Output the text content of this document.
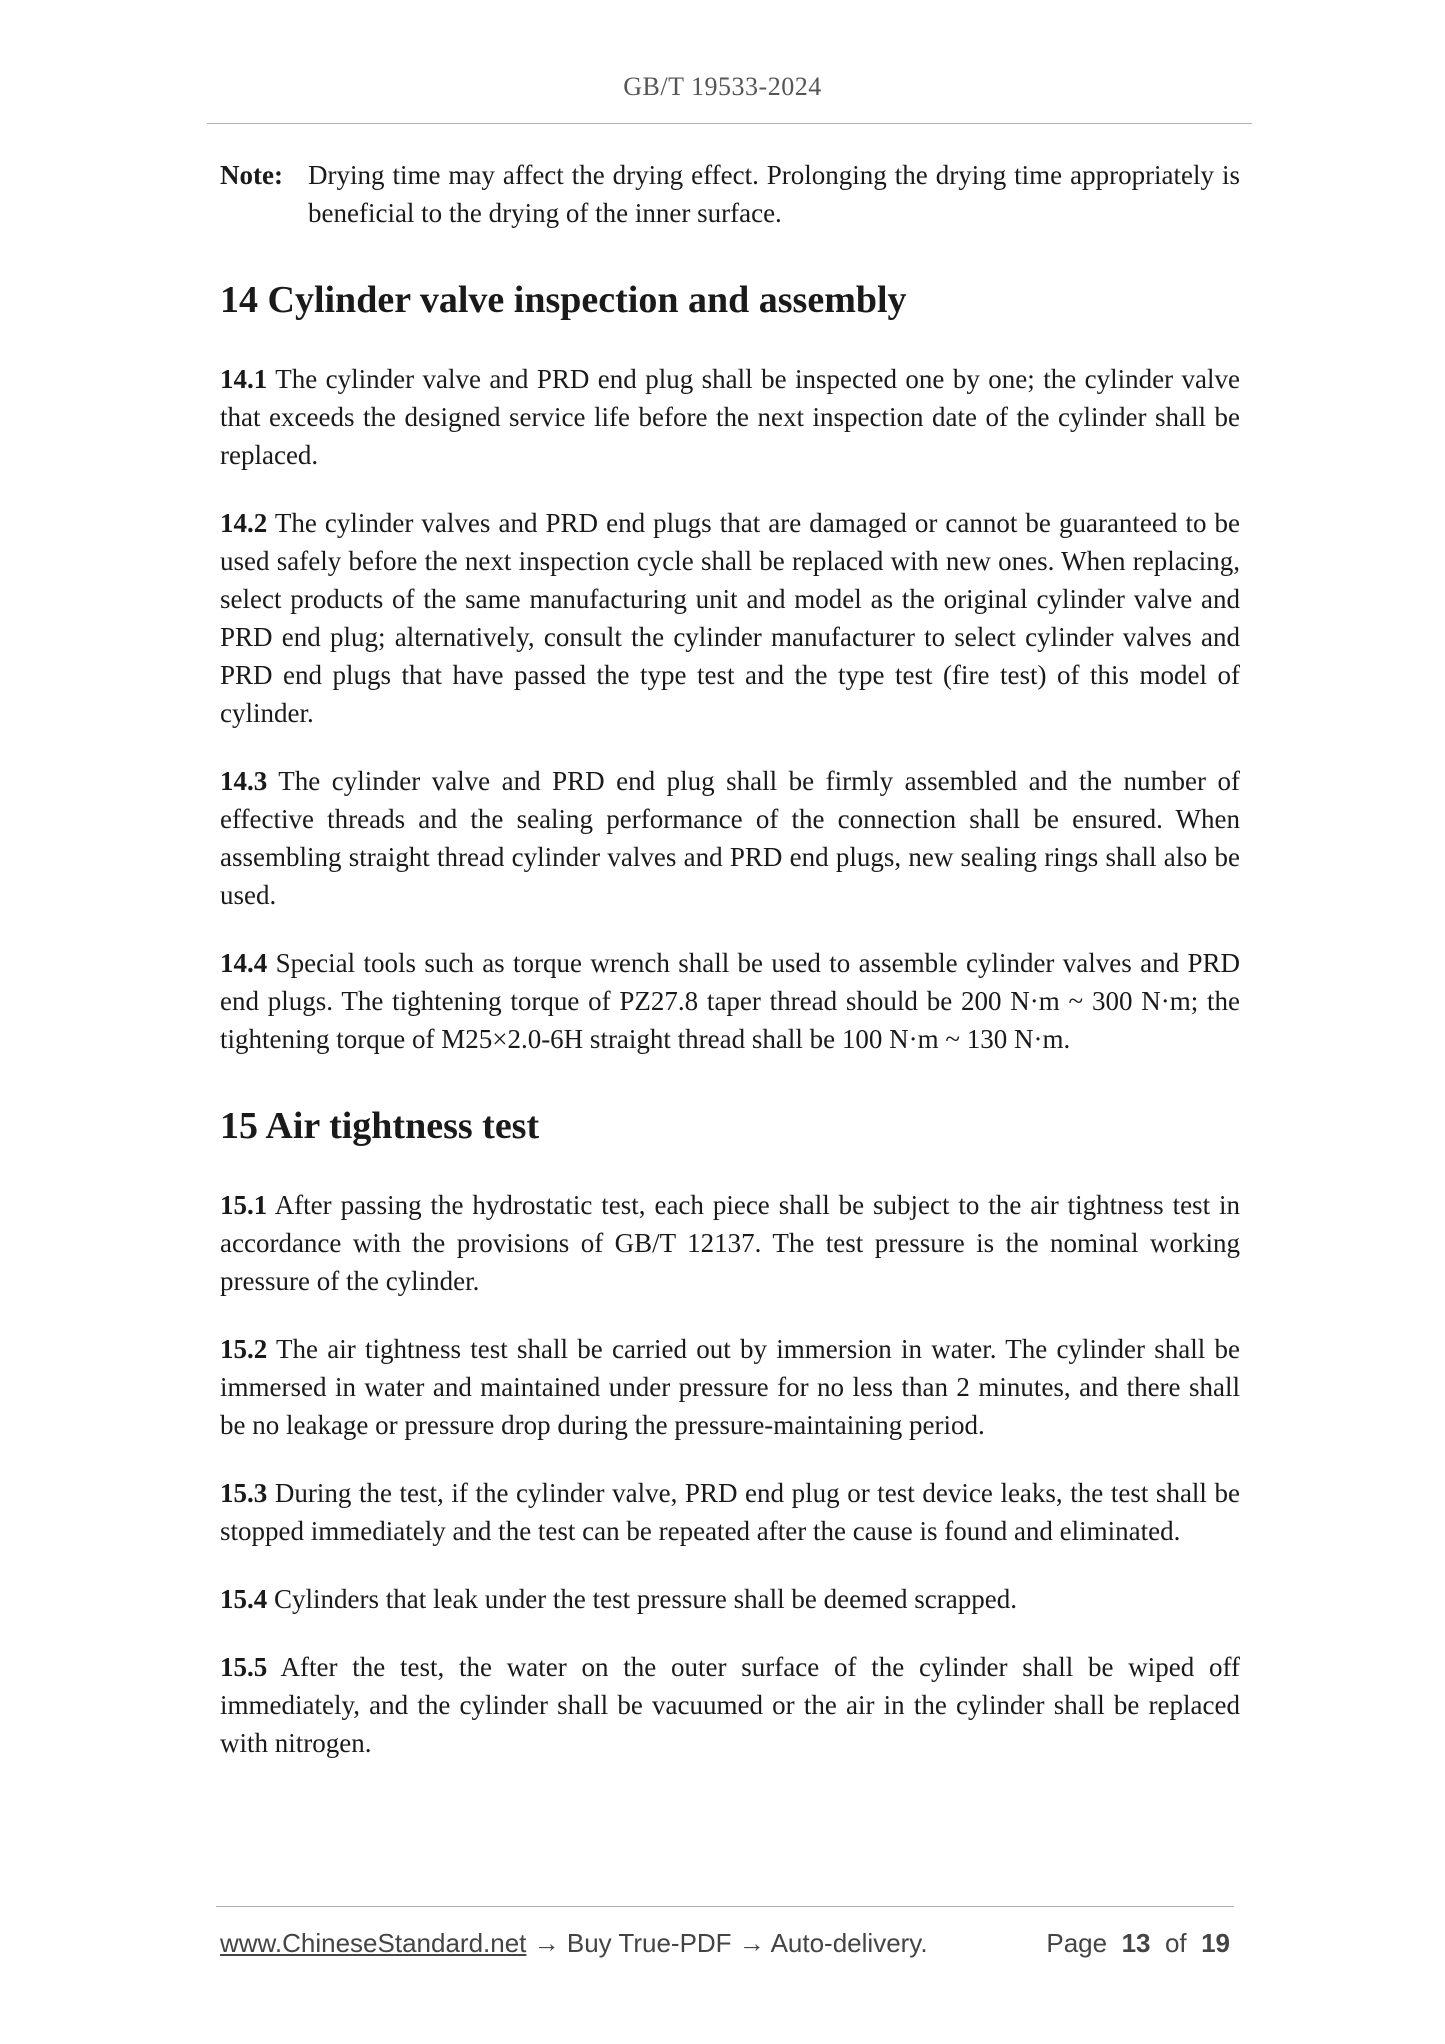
GB/T 19533-2024
Note: Drying time may affect the drying effect. Prolonging the drying time appropriately is beneficial to the drying of the inner surface.
14 Cylinder valve inspection and assembly

14.1 The cylinder valve and PRD end plug shall be inspected one by one; the cylinder valve that exceeds the designed service life before the next inspection date of the cylinder shall be replaced.

14.2 The cylinder valves and PRD end plugs that are damaged or cannot be guaranteed to be used safely before the next inspection cycle shall be replaced with new ones. When replacing, select products of the same manufacturing unit and model as the original cylinder valve and PRD end plug; alternatively, consult the cylinder manufacturer to select cylinder valves and PRD end plugs that have passed the type test and the type test (fire test) of this model of cylinder.

14.3 The cylinder valve and PRD end plug shall be firmly assembled and the number of effective threads and the sealing performance of the connection shall be ensured. When assembling straight thread cylinder valves and PRD end plugs, new sealing rings shall also be used.

14.4 Special tools such as torque wrench shall be used to assemble cylinder valves and PRD end plugs. The tightening torque of PZ27.8 taper thread should be 200 N·m ~ 300 N·m; the tightening torque of M25×2.0-6H straight thread shall be 100 N·m ~ 130 N·m.

15 Air tightness test

15.1 After passing the hydrostatic test, each piece shall be subject to the air tightness test in accordance with the provisions of GB/T 12137. The test pressure is the nominal working pressure of the cylinder.

15.2 The air tightness test shall be carried out by immersion in water. The cylinder shall be immersed in water and maintained under pressure for no less than 2 minutes, and there shall be no leakage or pressure drop during the pressure-maintaining period.

15.3 During the test, if the cylinder valve, PRD end plug or test device leaks, the test shall be stopped immediately and the test can be repeated after the cause is found and eliminated.

15.4 Cylinders that leak under the test pressure shall be deemed scrapped.

15.5 After the test, the water on the outer surface of the cylinder shall be wiped off immediately, and the cylinder shall be vacuumed or the air in the cylinder shall be replaced with nitrogen.

www.ChineseStandard.net → Buy True-PDF → Auto-delivery.	Page 13 of 19
